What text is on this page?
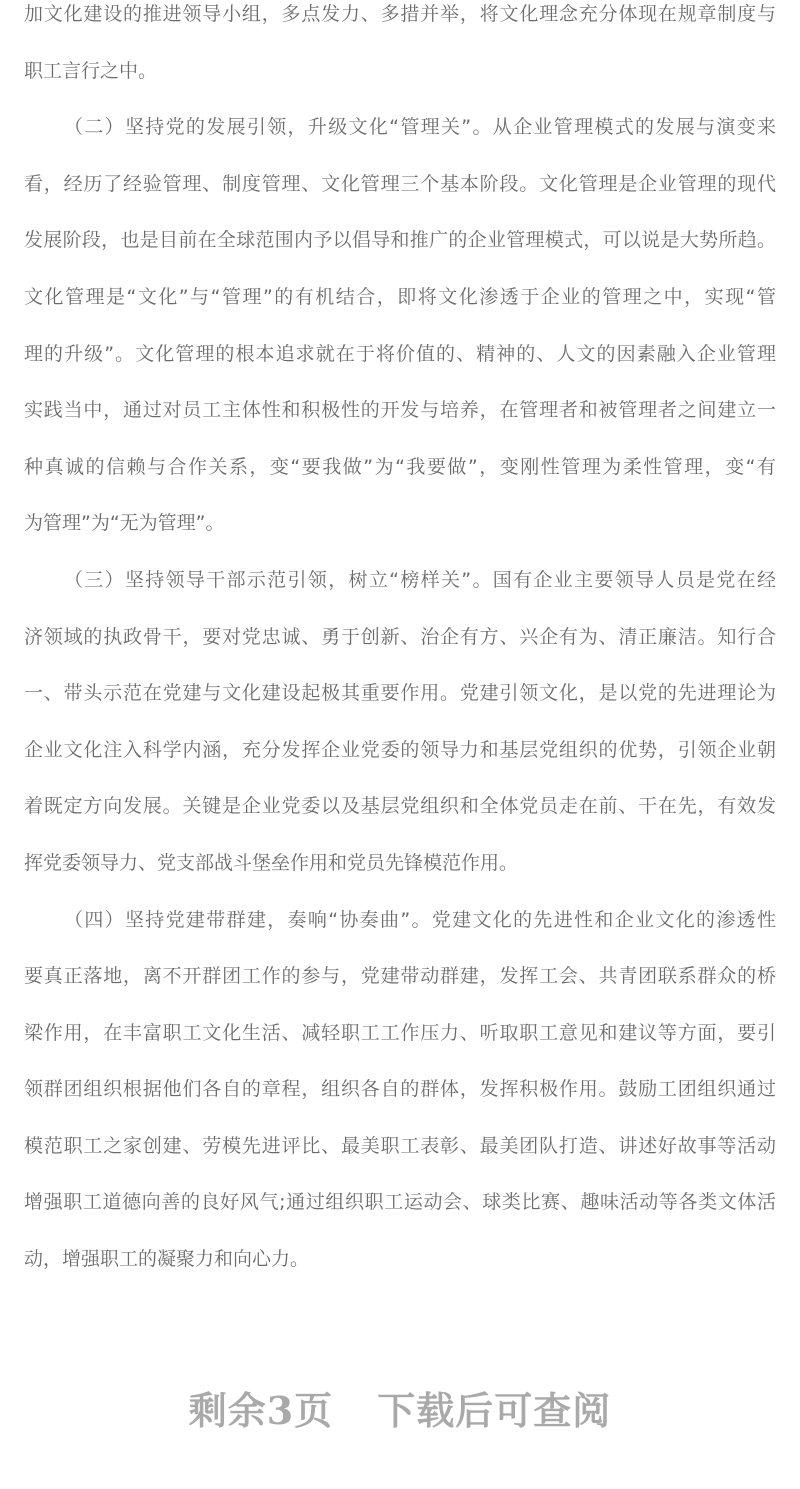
加文化建设的推进领导小组，多点发力、多措并举，将文化理念充分体现在规章制度与
职工言行之中。
（二）坚持党的发展引领，升级文化“管理关”。从企业管理模式的发展与演变来
看，经历了经验管理、制度管理、文化管理三个基本阶段。文化管理是企业管理的现代
发展阶段，也是目前在全球范围内予以倡导和推广的企业管理模式，可以说是大势所趋。
文化管理是“文化”与“管理”的有机结合，即将文化渗透于企业的管理之中，实现“管
理的升级”。文化管理的根本追求就在于将价值的、精神的、人文的因素融入企业管理
实践当中，通过对员工主体性和积极性的开发与培养，在管理者和被管理者之间建立一
种真诚的信赖与合作关系，变“要我做”为“我要做”，变刚性管理为柔性管理，变“有
为管理”为“无为管理”。
（三）坚持领导干部示范引领，树立“榜样关”。国有企业主要领导人员是党在经
济领域的执政骨干，要对党忠诚、勇于创新、治企有方、兴企有为、清正廉洁。知行合
一、带头示范在党建与文化建设起极其重要作用。党建引领文化，是以党的先进理论为
企业文化注入科学内涵，充分发挥企业党委的领导力和基层党组织的优势，引领企业朝
着既定方向发展。关键是企业党委以及基层党组织和全体党员走在前、干在先，有效发
挥党委领导力、党支部战斗堡垒作用和党员先锋模范作用。
（四）坚持党建带群建，奏响“协奏曲”。党建文化的先进性和企业文化的渗透性
要真正落地，离不开群团工作的参与，党建带动群建，发挥工会、共青团联系群众的桥
梁作用，在丰富职工文化生活、减轻职工工作压力、听取职工意见和建议等方面，要引
领群团组织根据他们各自的章程，组织各自的群体，发挥积极作用。鼓励工团组织通过
模范职工之家创建、劳模先进评比、最美职工表彰、最美团队打造、讲述好故事等活动
增强职工道德向善的良好风气;通过组织职工运动会、球类比赛、趣味活动等各类文体活
动，增强职工的凝聚力和向心力。
剩余3页 下载后可查阅
